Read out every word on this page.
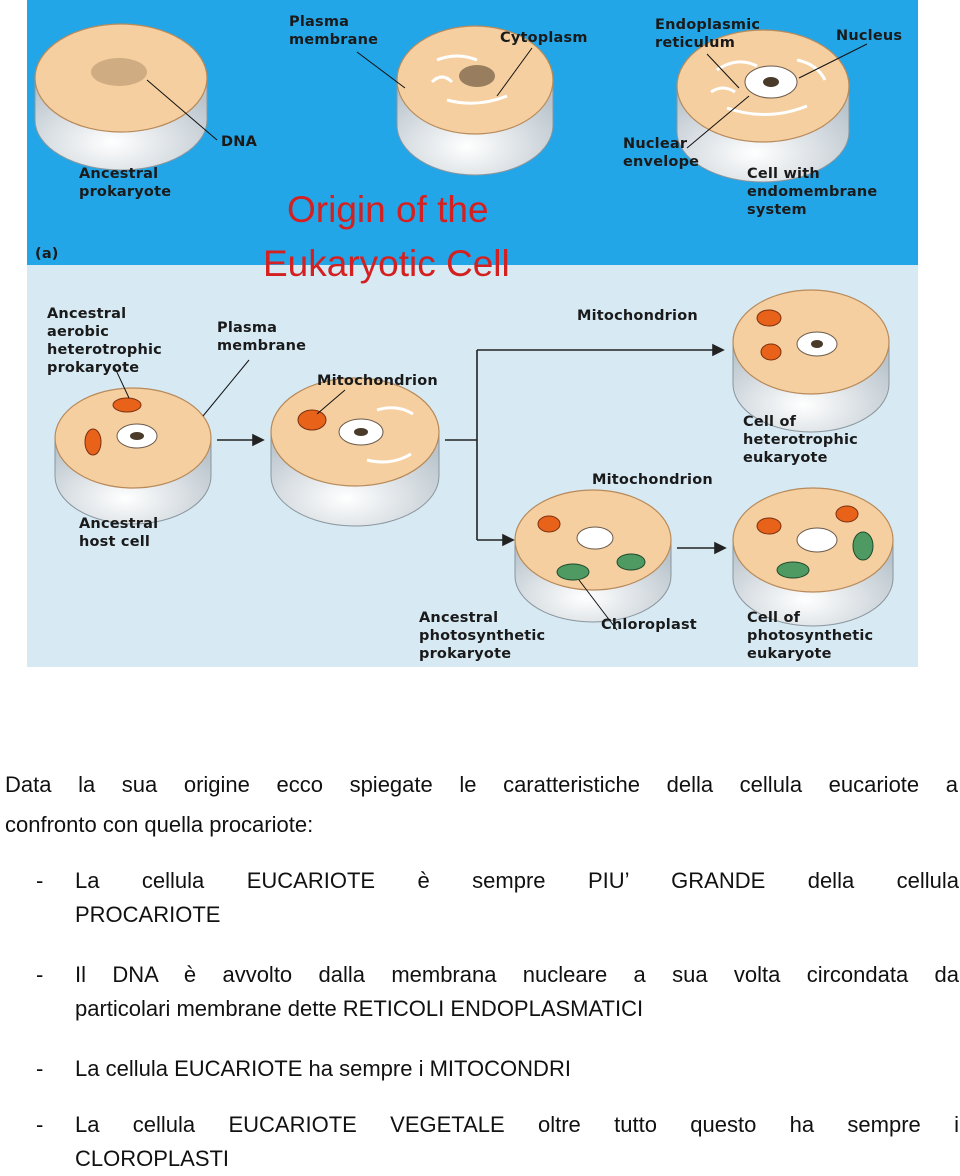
Plasma membrane	Cytoplasm
Endoplasmic reticulum	Nucleus
DNA
Ancestral prokaryote
Nuclear envelope
Cell with endomembrane system
(a)
Origin of the
Eukaryotic Cell
Ancestral aerobic heterotrophic prokaryote
Plasma membrane
Mitochondrion
Mitochondrion
Mitochondrion
Ancestral host cell
Cell of heterotrophic eukaryote
Ancestral photosynthetic prokaryote
Chloroplast	Cell of photosynthetic eukaryote

Data la sua origine ecco spiegate le caratteristiche della cellula eucariote a

confronto con quella procariote:

- La cellula EUCARIOTE è sempre PIU’ GRANDE della cellula
PROCARIOTE

- Il DNA è avvolto dalla membrana nucleare a sua volta circondata da
particolari membrane dette RETICOLI ENDOPLASMATICI

- La cellula EUCARIOTE ha sempre i MITOCONDRI

- La cellula EUCARIOTE VEGETALE oltre tutto questo ha sempre i
CLOROPLASTI
